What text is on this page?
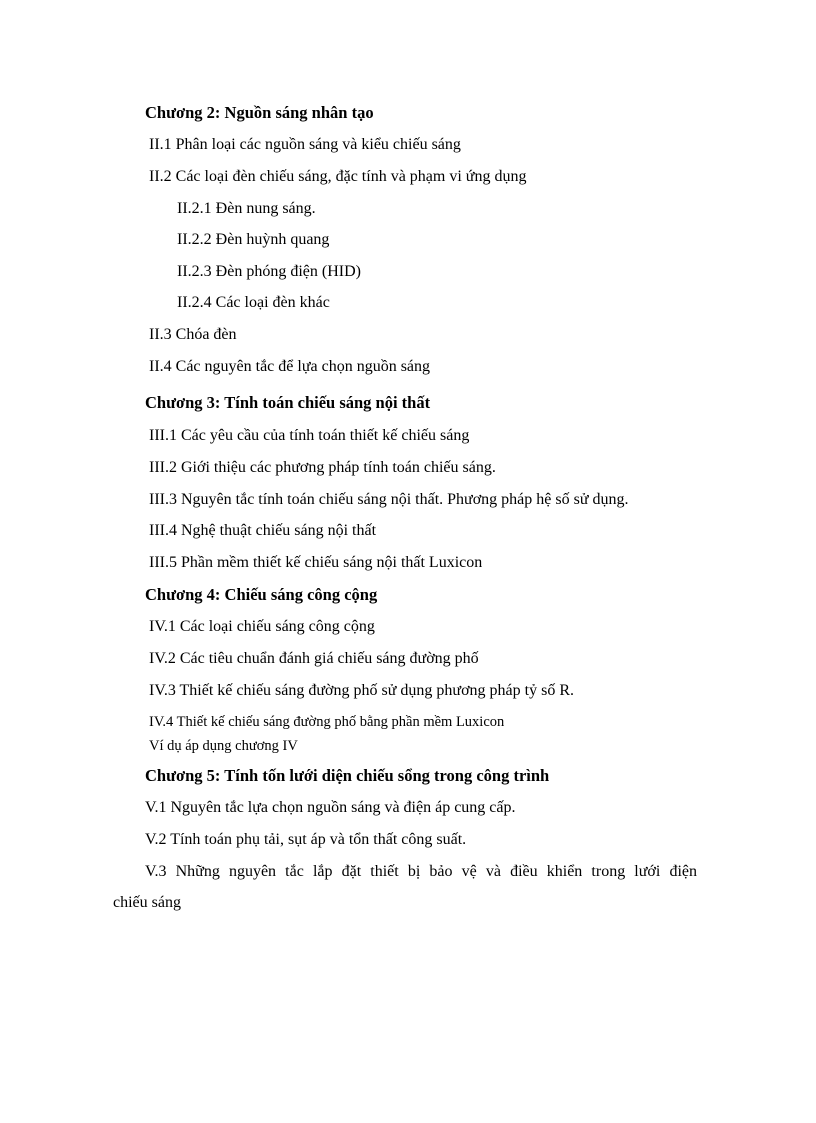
Chương 2: Nguồn sáng nhân tạo
II.1 Phân loại các nguồn sáng và kiểu chiếu sáng
II.2 Các loại đèn chiếu sáng, đặc tính và phạm vi ứng dụng
II.2.1 Đèn nung sáng.
II.2.2 Đèn huỳnh quang
II.2.3 Đèn phóng điện (HID)
II.2.4 Các loại đèn khác
II.3 Chóa đèn
II.4 Các nguyên tắc để lựa chọn nguồn sáng
Chương 3: Tính toán chiếu sáng nội thất
III.1 Các yêu cầu của tính toán thiết kế chiếu sáng
III.2 Giới thiệu các phương pháp tính toán chiếu sáng.
III.3 Nguyên tắc tính toán chiếu sáng nội thất. Phương pháp hệ số sử dụng.
III.4 Nghệ thuật chiếu sáng nội thất
III.5 Phần mềm thiết kế chiếu sáng nội thất Luxicon
Chương 4: Chiếu sáng công cộng
IV.1 Các loại chiếu sáng công cộng
IV.2 Các tiêu chuẩn đánh giá chiếu sáng đường phố
IV.3 Thiết kế chiếu sáng đường phố sử dụng phương pháp tỷ số R.
IV.4 Thiết kế chiếu sáng đường phố bằng phần mềm Luxicon
Ví dụ áp dụng chương IV
Chương 5: Tính tốn lưới diện chiếu sổng trong công trình
V.1 Nguyên tắc lựa chọn nguồn sáng và điện áp cung cấp.
V.2 Tính toán phụ tải, sụt áp và tổn thất công suất.
V.3 Những nguyên tắc lắp đặt thiết bị bảo vệ và điều khiển trong lưới điện
chiếu sáng
